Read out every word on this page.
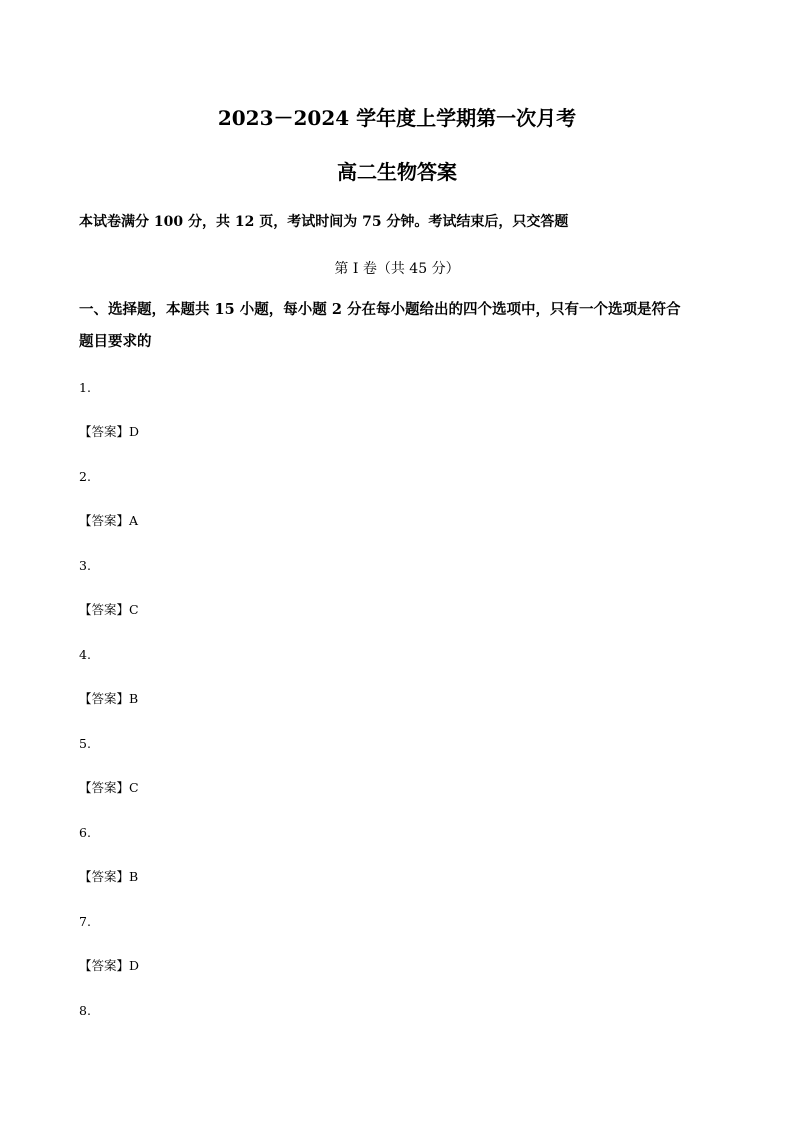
2023－2024 学年度上学期第一次月考
高二生物答案
本试卷满分 100 分，共 12 页，考试时间为 75 分钟。考试结束后，只交答题
第 I 卷（共 45 分）
一、选择题，本题共 15 小题，每小题 2 分在每小题给出的四个选项中，只有一个选项是符合
题目要求的
1.
【答案】D
2.
【答案】A
3.
【答案】C
4.
【答案】B
5.
【答案】C
6.
【答案】B
7.
【答案】D
8.
